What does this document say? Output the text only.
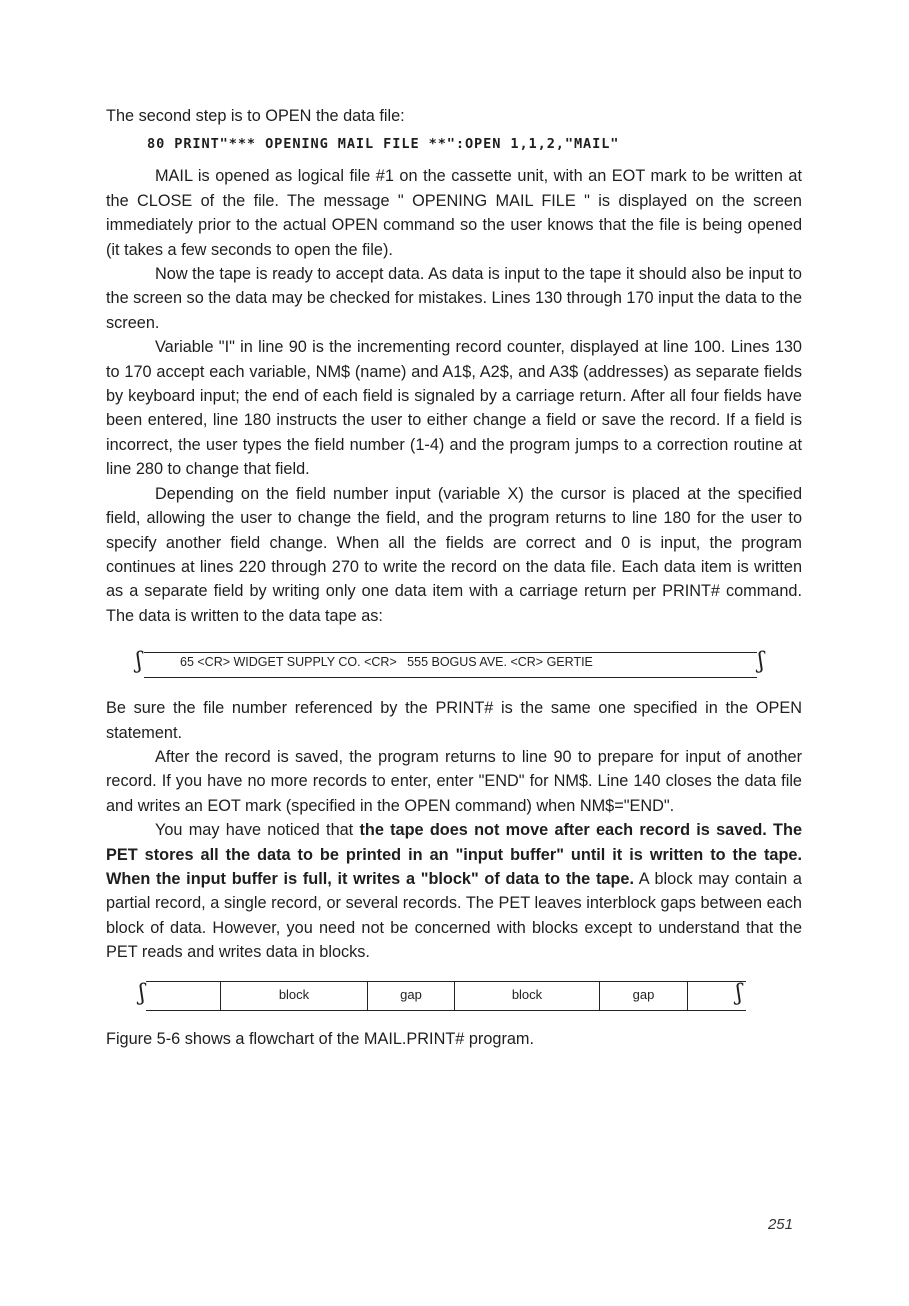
The second step is to OPEN the data file:

80 PRINT"*** OPENING MAIL FILE **":OPEN 1,1,2,"MAIL"

MAIL is opened as logical file #1 on the cassette unit, with an EOT mark to be written at the CLOSE of the file. The message " OPENING MAIL FILE " is displayed on the screen immediately prior to the actual OPEN command so the user knows that the file is being opened (it takes a few seconds to open the file).

Now the tape is ready to accept data. As data is input to the tape it should also be input to the screen so the data may be checked for mistakes. Lines 130 through 170 input the data to the screen.

Variable "I" in line 90 is the incrementing record counter, displayed at line 100. Lines 130 to 170 accept each variable, NM$ (name) and A1$, A2$, and A3$ (addresses) as separate fields by keyboard input; the end of each field is signaled by a carriage return. After all four fields have been entered, line 180 instructs the user to either change a field or save the record. If a field is incorrect, the user types the field number (1-4) and the program jumps to a correction routine at line 280 to change that field.

Depending on the field number input (variable X) the cursor is placed at the specified field, allowing the user to change the field, and the program returns to line 180 for the user to specify another field change. When all the fields are correct and 0 is input, the program continues at lines 220 through 270 to write the record on the data file. Each data item is written as a separate field by writing only one data item with a carriage return per PRINT# command. The data is written to the data tape as:

ʃ	65 <CR> WIDGET SUPPLY CO. <CR>   555 BOGUS AVE. <CR> GERTIE	ʃ

Be sure the file number referenced by the PRINT# is the same one specified in the OPEN statement.

After the record is saved, the program returns to line 90 to prepare for input of another record. If you have no more records to enter, enter "END" for NM$. Line 140 closes the data file and writes an EOT mark (specified in the OPEN command) when NM$="END".

You may have noticed that the tape does not move after each record is saved. The PET stores all the data to be printed in an "input buffer" until it is written to the tape. When the input buffer is full, it writes a "block" of data to the tape. A block may contain a partial record, a single record, or several records. The PET leaves interblock gaps between each block of data. However, you need not be concerned with blocks except to understand that the PET reads and writes data in blocks.

ʃ	block	gap	block	gap	ʃ

Figure 5-6 shows a flowchart of the MAIL.PRINT# program.

251
